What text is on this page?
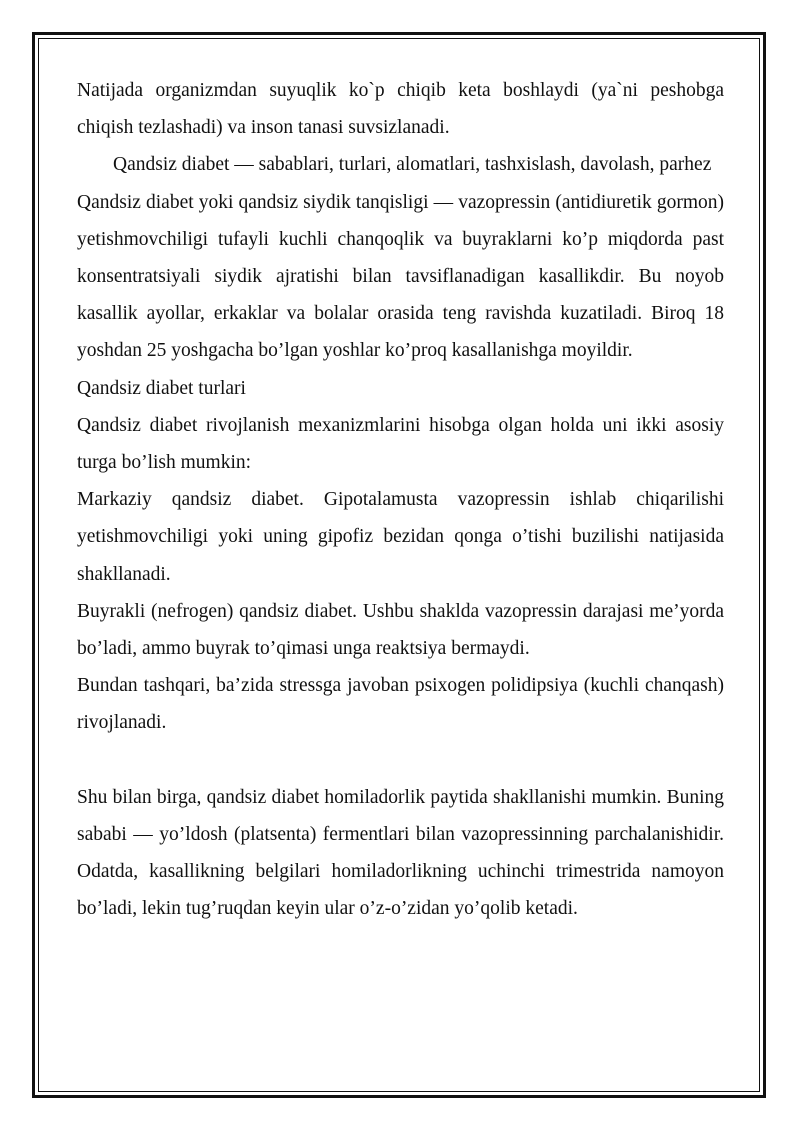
Natijada organizmdan suyuqlik ko`p chiqib keta boshlaydi (ya`ni peshobga chiqish tezlashadi) va inson tanasi suvsizlanadi.

Qandsiz diabet — sabablari, turlari, alomatlari, tashxislash, davolash, parhez

Qandsiz diabet yoki qandsiz siydik tanqisligi — vazopressin (antidiuretik gormon) yetishmovchiligi tufayli kuchli chanqoqlik va buyraklarni ko’p miqdorda past konsentratsiyali siydik ajratishi bilan tavsiflanadigan kasallikdir. Bu noyob kasallik ayollar, erkaklar va bolalar orasida teng ravishda kuzatiladi. Biroq 18 yoshdan 25 yoshgacha bo’lgan yoshlar ko’proq kasallanishga moyildir.

Qandsiz diabet turlari

Qandsiz diabet rivojlanish mexanizmlarini hisobga olgan holda uni ikki asosiy turga bo’lish mumkin:

Markaziy qandsiz diabet. Gipotalamusta vazopressin ishlab chiqarilishi yetishmovchiligi yoki uning gipofiz bezidan qonga o’tishi buzilishi natijasida shakllanadi.

Buyrakli (nefrogen) qandsiz diabet. Ushbu shaklda vazopressin darajasi me’yorda bo’ladi, ammo buyrak to’qimasi unga reaktsiya bermaydi.

Bundan tashqari, ba’zida stressga javoban psixogen polidipsiya (kuchli chanqash) rivojlanadi.

Shu bilan birga, qandsiz diabet homiladorlik paytida shakllanishi mumkin. Buning sababi — yo’ldosh (platsenta) fermentlari bilan vazopressinning parchalanishidir. Odatda, kasallikning belgilari homiladorlikning uchinchi trimestrida namoyon bo’ladi, lekin tug’ruqdan keyin ular o’z-o’zidan yo’qolib ketadi.
